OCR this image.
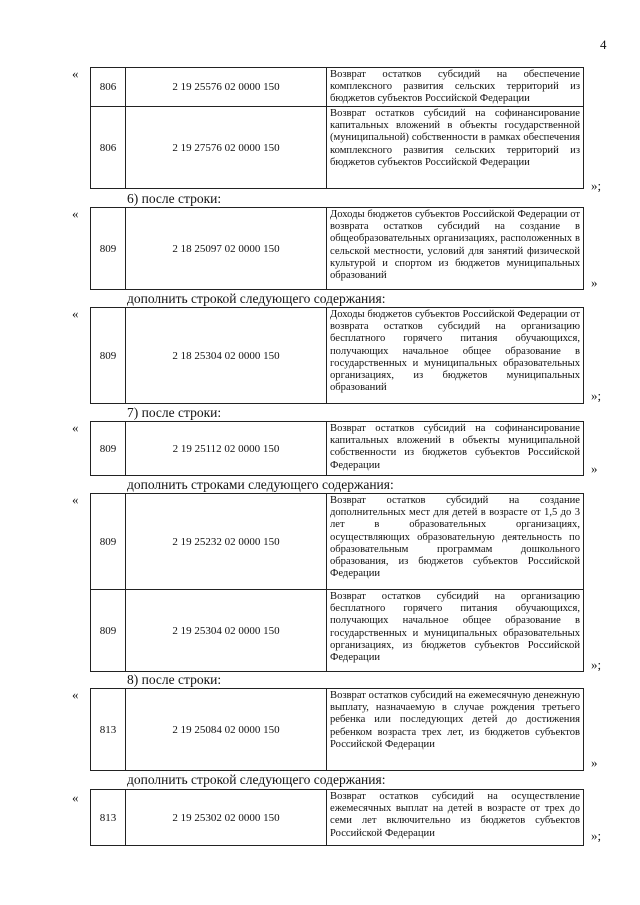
4
«
806	2 19 25576 02 0000 150	Возврат остатков субсидий на обеспечение комплексного развития сельских территорий из бюджетов субъектов Российской Федерации
806	2 19 27576 02 0000 150	Возврат остатков субсидий на софинансирование капитальных вложений в объекты государственной (муниципальной) собственности в рамках обеспечения комплексного развития сельских территорий из бюджетов субъектов Российской Федерации
»;
6) после строки:
«
809	2 18 25097 02 0000 150	Доходы бюджетов субъектов Российской Федерации от возврата остатков субсидий на создание в общеобразовательных организациях, расположенных в сельской местности, условий для занятий физической культурой и спортом из бюджетов муниципальных образований	»
дополнить строкой следующего содержания:
«
809	2 18 25304 02 0000 150	Доходы бюджетов субъектов Российской Федерации от возврата остатков субсидий на организацию бесплатного горячего питания обучающихся, получающих начальное общее образование в государственных и муниципальных образовательных организациях, из бюджетов муниципальных образований
»;
7) после строки:
«
809	2 19 25112 02 0000 150	Возврат остатков субсидий на софинансирование капитальных вложений в объекты муниципальной собственности из бюджетов субъектов Российской Федерации	»
дополнить строками следующего содержания:
«
809	2 19 25232 02 0000 150	Возврат остатков субсидий на создание дополнительных мест для детей в возрасте от 1,5 до 3 лет в образовательных организациях, осуществляющих образовательную деятельность по образовательным программам дошкольного образования, из бюджетов субъектов Российской Федерации
809	2 19 25304 02 0000 150	Возврат остатков субсидий на организацию бесплатного горячего питания обучающихся, получающих начальное общее образование в государственных и муниципальных образовательных организациях, из бюджетов субъектов Российской Федерации	»;
8) после строки:
«
813	2 19 25084 02 0000 150	Возврат остатков субсидий на ежемесячную денежную выплату, назначаемую в случае рождения третьего ребенка или последующих детей до достижения ребенком возраста трех лет, из бюджетов субъектов Российской Федерации
»
дополнить строкой следующего содержания:
«
813	2 19 25302 02 0000 150	Возврат остатков субсидий на осуществление ежемесячных выплат на детей в возрасте от трех до семи лет включительно из бюджетов субъектов Российской Федерации	»;
